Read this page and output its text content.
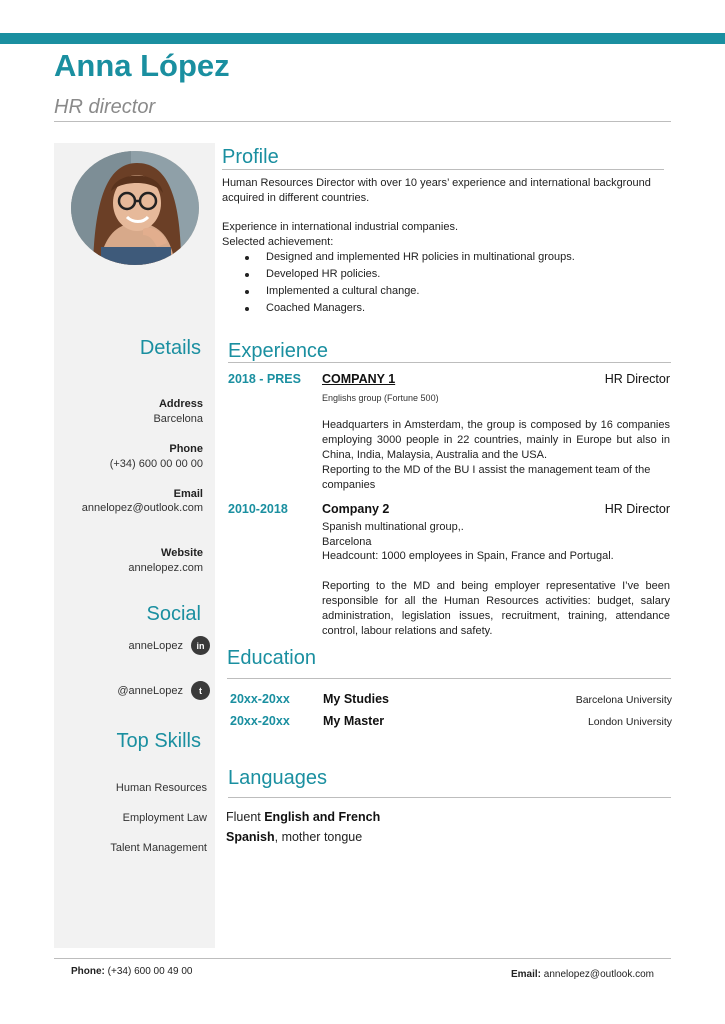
Anna López
HR director
Details
Address
Barcelona
Phone
(+34) 600 00 00 00
Email
annelopez@outlook.com
Website
annelopez.com
Social
anneLopez	in
@anneLopez	t
Top Skills
Human Resources
Employment Law
Talent Management
Profile
Human Resources Director with over 10 years’ experience and international background acquired in different countries.
Experience in international industrial companies.
Selected achievement:
Designed and implemented HR policies in multinational groups.
Developed HR policies.
Implemented a cultural change.
Coached Managers.
Experience
2018 - PRES COMPANY 1	HR Director
Englishs group (Fortune 500)
Headquarters in Amsterdam, the group is composed by 16 companies employing 3000 people in 22 countries, mainly in Europe but also in China, India, Malaysia, Australia and the USA.
Reporting to the MD of the BU I assist the management team of the companies
2010-2018	Company 2	HR Director
Spanish multinational group,.
Barcelona
Headcount: 1000 employees in Spain, France and Portugal.
Reporting to the MD and being employer representative I’ve been responsible for all the Human Resources activities: budget, salary administration, legislation issues, recruitment, training, attendance control, labour relations and safety.
Education
20xx-20xx	My Studies	Barcelona University
20xx-20xx	My Master	London University
Languages
Fluent English and French
Spanish, mother tongue
Phone: (+34) 600 00 49 00	Email: annelopez@outlook.com
